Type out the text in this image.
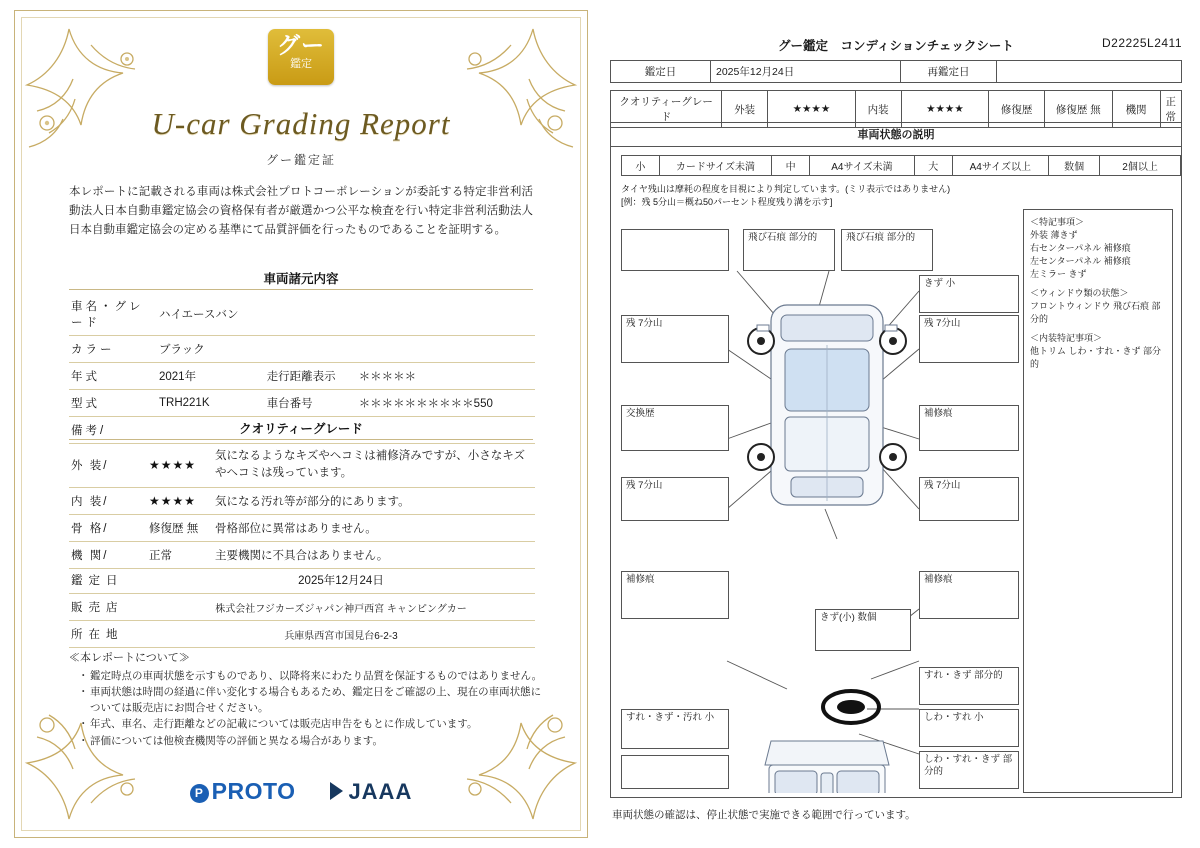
グー
鑑定
U-car Grading Report
グー鑑定証
本レポートに記載される車両は株式会社プロトコーポレーションが委託する特定非営利活動法人日本自動車鑑定協会の資格保有者が厳選かつ公平な検査を行い特定非営利活動法人日本自動車鑑定協会の定める基準にて品質評価を行ったものであることを証明する。
車両諸元内容
車名・グレード	ハイエースバン		
カラー	ブラック		
年式	2021年	走行距離表示	＊＊＊＊＊
型式	TRH221K	車台番号	＊＊＊＊＊＊＊＊＊＊550
備考/				クオリティーグレード
外 装/	★★★★	気になるようなキズやヘコミは補修済みですが、小さなキズやヘコミは残っています。
内 装/	★★★★	気になる汚れ等が部分的にあります。
骨 格/	修復歴 無	骨格部位に異常はありません。
機 関/	正常	主要機関に不具合はありません。
鑑定日	2025年12月24日
販売店	株式会社フジカーズジャパン神戸西宮 キャンピングカー
所在地	兵庫県西宮市国見台6-2-3
≪本レポートについて≫
・ 鑑定時点の車両状態を示すものであり、以降将来にわたり品質を保証するものではありません。
・ 車両状態は時間の経過に伴い変化する場合もあるため、鑑定日をご確認の上、現在の車両状態については販売店にお問合せください。
・ 年式、車名、走行距離などの記載については販売店申告をもとに作成しています。
・ 評価については他検査機関等の評価と異なる場合があります。
P PROTO JAAA
グー鑑定　コンディションチェックシート	D22225L2411
鑑定日	2025年12月24日	再鑑定日	
クオリティーグレード	外装	★★★★	内装	★★★★	修復歴	修復歴 無	機関	正常
車両状態の説明
小	カードサイズ未満	中	A4サイズ未満	大	A4サイズ以上	数個	2個以上
タイヤ残山は摩耗の程度を目視により判定しています。(ミリ表示ではありません)
[例：残 5分山＝概ね50パーセント程度残り溝を示す]
飛び石痕 部分的	飛び石痕 部分的
きず 小
残 7分山	残 7分山
交換歴	補修痕
残 7分山	残 7分山
補修痕	補修痕
きず(小) 数個
すれ・きず 部分的
すれ・きず・汚れ 小	しわ・すれ 小
しわ・すれ・きず 部分的
＜特記事項＞
外装 薄きず
右センターパネル 補修痕
左センターパネル 補修痕
左ミラー きず
＜ウィンドウ類の状態＞
フロントウィンドウ 飛び石痕 部分的
＜内装特記事項＞
他トリム しわ・すれ・きず 部分的
車両状態の確認は、停止状態で実施できる範囲で行っています。
